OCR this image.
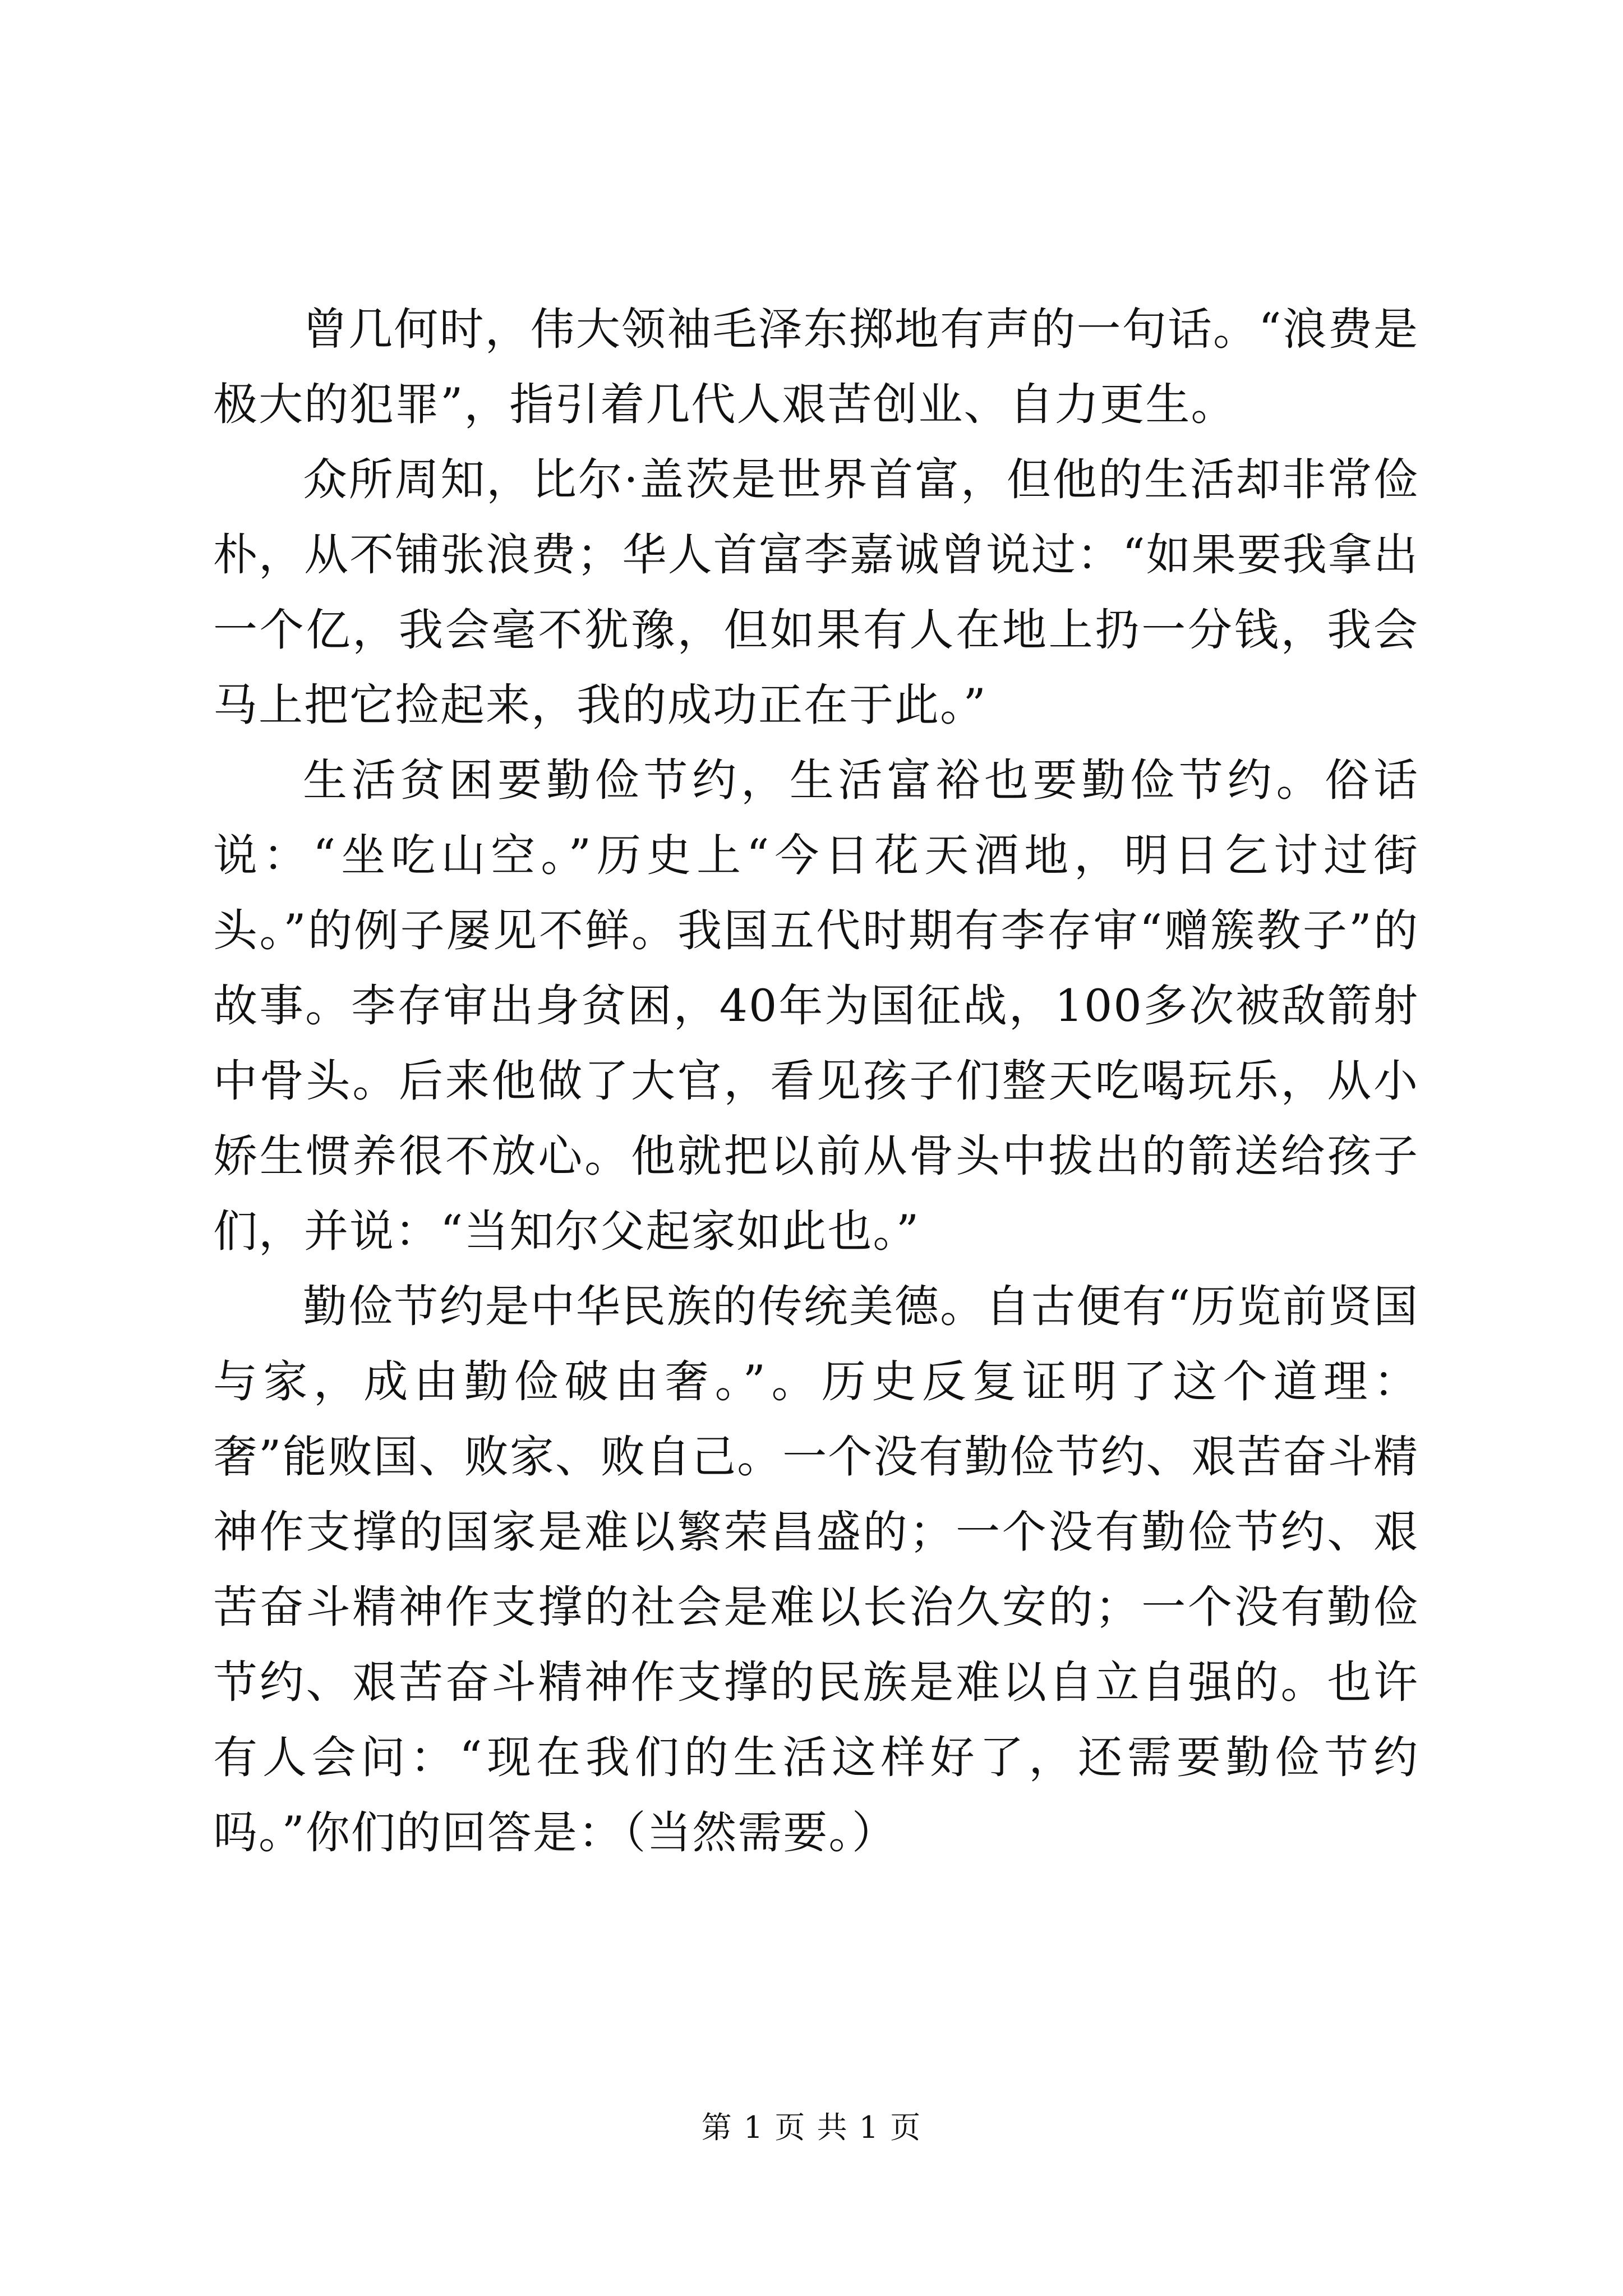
曾几何时，伟大领袖毛泽东掷地有声的一句话。“浪费是极大的犯罪”，指引着几代人艰苦创业、自力更生。

众所周知，比尔·盖茨是世界首富，但他的生活却非常俭朴，从不铺张浪费；华人首富李嘉诚曾说过：“如果要我拿出一个亿，我会毫不犹豫，但如果有人在地上扔一分钱，我会马上把它捡起来，我的成功正在于此。”

生活贫困要勤俭节约，生活富裕也要勤俭节约。俗话说：“坐吃山空。”历史上“今日花天酒地，明日乞讨过街头。”的例子屡见不鲜。我国五代时期有李存审“赠簇教子”的故事。李存审出身贫困，40年为国征战，100多次被敌箭射中骨头。后来他做了大官，看见孩子们整天吃喝玩乐，从小娇生惯养很不放心。他就把以前从骨头中拔出的箭送给孩子们，并说：“当知尔父起家如此也。”

勤俭节约是中华民族的传统美德。自古便有“历览前贤国与家，成由勤俭破由奢。”。历史反复证明了这个道理：奢”能败国、败家、败自己。一个没有勤俭节约、艰苦奋斗精神作支撑的国家是难以繁荣昌盛的；一个没有勤俭节约、艰苦奋斗精神作支撑的社会是难以长治久安的；一个没有勤俭节约、艰苦奋斗精神作支撑的民族是难以自立自强的。也许有人会问：“现在我们的生活这样好了，还需要勤俭节约吗。”你们的回答是：（当然需要。）

第 1 页 共 1 页
